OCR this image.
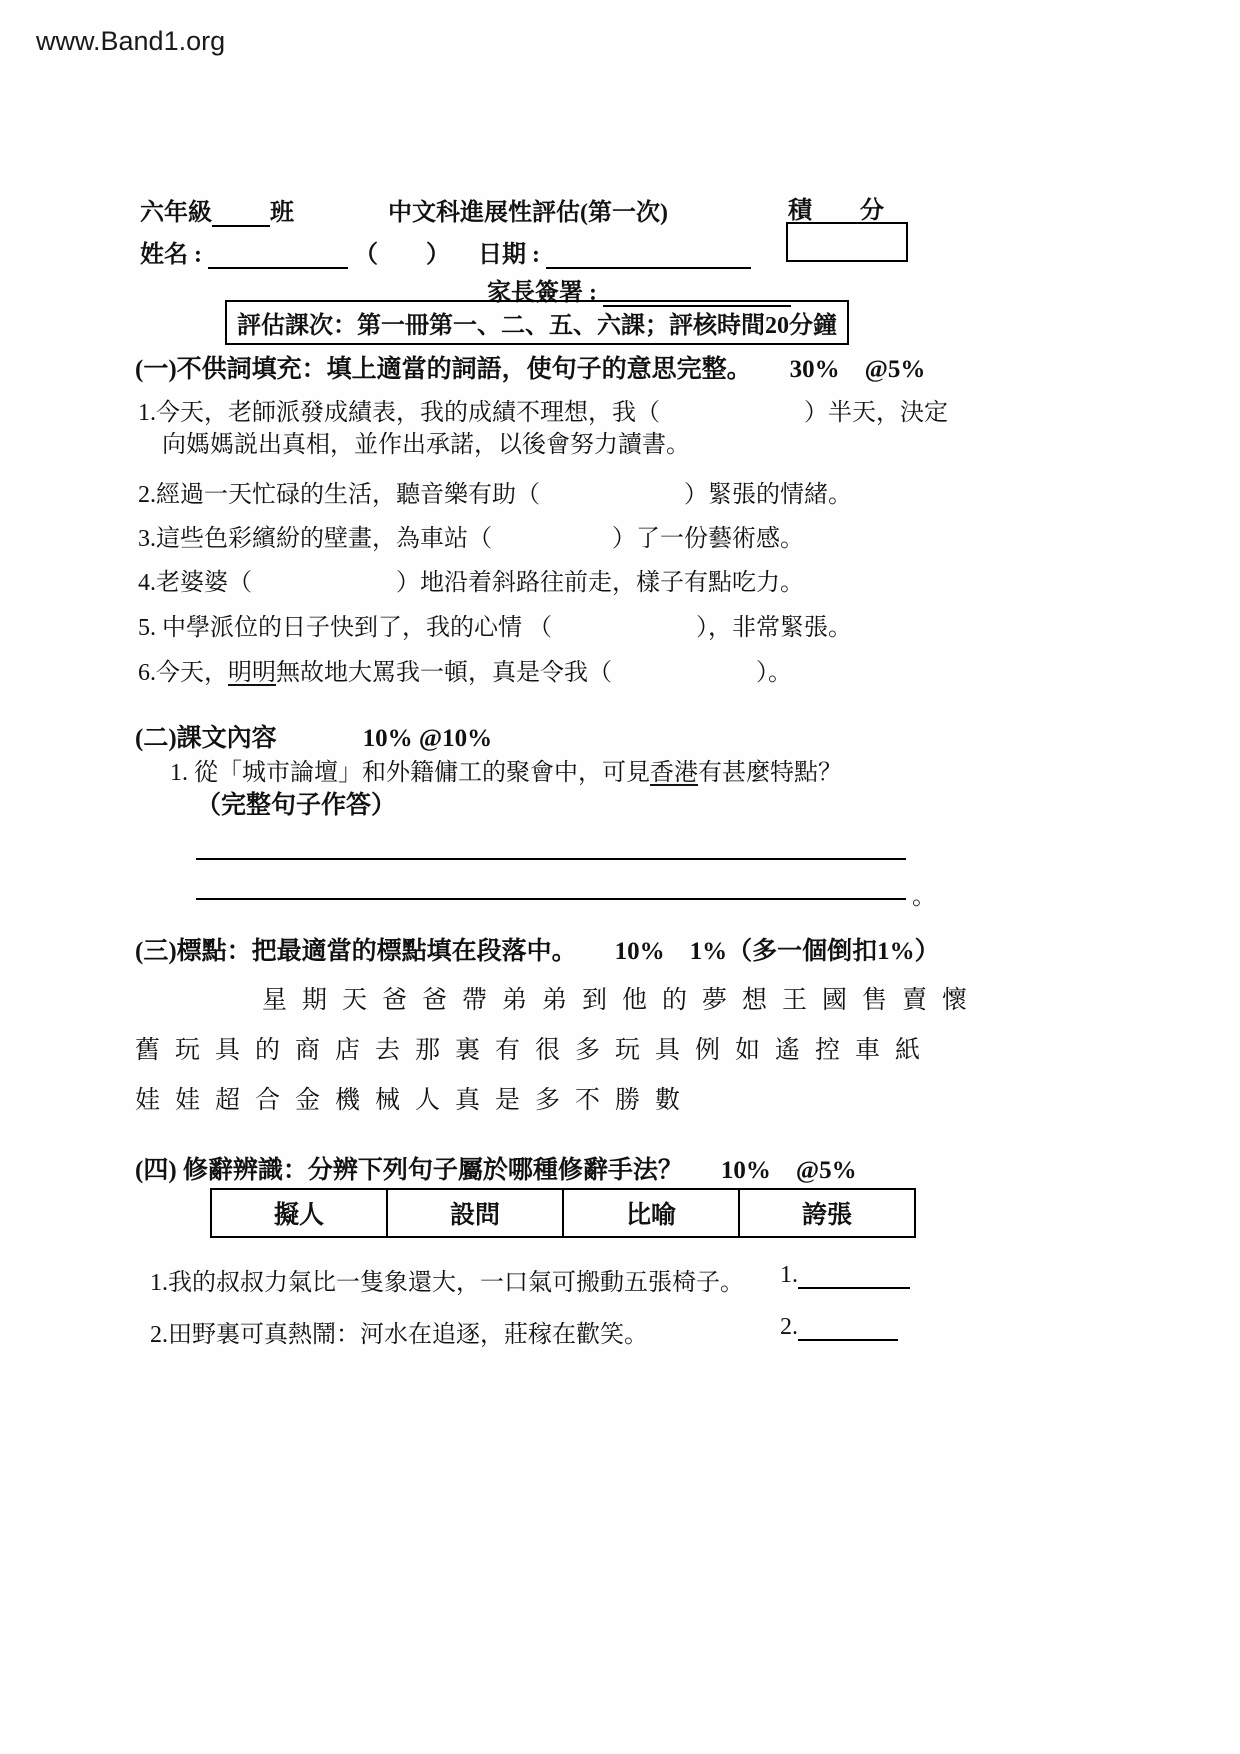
www.Band1.org
六年級 班	中文科進展性評估(第一次)	積　　分
姓名 :	（　　） 日期 :
家長簽署 :
評估課次：第一冊第一、二、五、六課；評核時間20分鐘
(一)不供詞填充：填上適當的詞語，使句子的意思完整。 30%　@5%
1.今天，老師派發成績表，我的成績不理想，我（　　　　　　）半天，決定
向媽媽説出真相，並作出承諾，以後會努力讀書。
2.經過一天忙碌的生活，聽音樂有助（　　　　　　）緊張的情緒。
3.這些色彩繽紛的壁畫，為車站（　　　　　）了一份藝術感。
4.老婆婆（　　　　　　）地沿着斜路往前走，樣子有點吃力。
5. 中學派位的日子快到了，我的心情 （　　　　　　），非常緊張。
6.今天，明明無故地大罵我一頓，真是令我（　　　　　　）。
(二)課文內容	10% @10%
1. 從「城市論壇」和外籍傭工的聚會中，可見香港有甚麼特點？
（完整句子作答）
。
(三)標點：把最適當的標點填在段落中。 10%　1%（多一個倒扣1%）
星期天爸爸帶弟弟到他的夢想王國售賣懷
舊玩具的商店去那裏有很多玩具例如遙控車紙
娃娃超合金機械人真是多不勝數
(四) 修辭辨識：分辨下列句子屬於哪種修辭手法？ 10%　@5%
擬人	設問	比喻	誇張
1.我的叔叔力氣比一隻象還大，一口氣可搬動五張椅子。 1.
2.田野裏可真熱鬧：河水在追逐，莊稼在歡笑。	2.
